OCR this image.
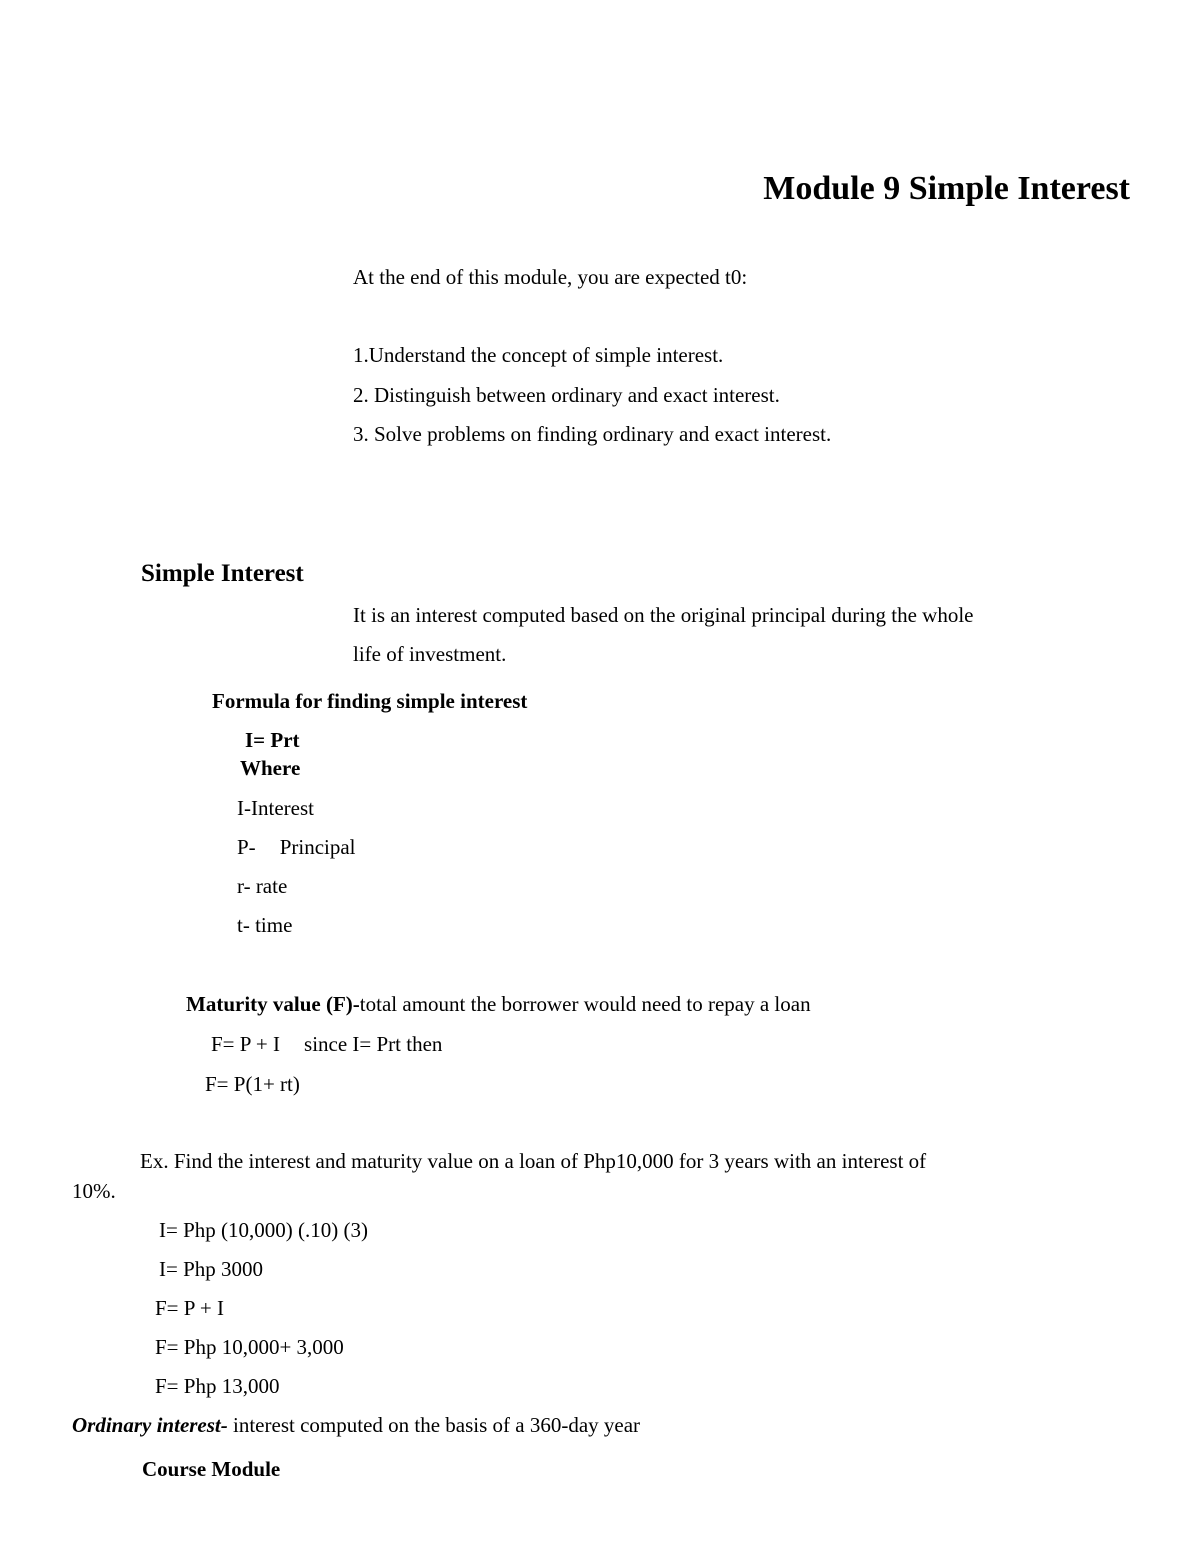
Module 9 Simple Interest
At the end of this module, you are expected t0:
1.Understand the concept of simple interest.
2. Distinguish between ordinary and exact interest.
3. Solve problems on finding ordinary and exact interest.
Simple Interest
It is an interest computed based on the original principal during the whole
life of investment.
Formula for finding simple interest
I= Prt
Where
I-Interest
P- Principal
r- rate
t- time
Maturity value (F)-total amount the borrower would need to repay a loan
F= P + I since I= Prt then
F= P(1+ rt)
Ex. Find the interest and maturity value on a loan of Php10,000 for 3 years with an interest of
10%.
I= Php (10,000) (.10) (3)
I= Php 3000
F= P + I
F= Php 10,000+ 3,000
F= Php 13,000
Ordinary interest- interest computed on the basis of a 360-day year
Course Module
